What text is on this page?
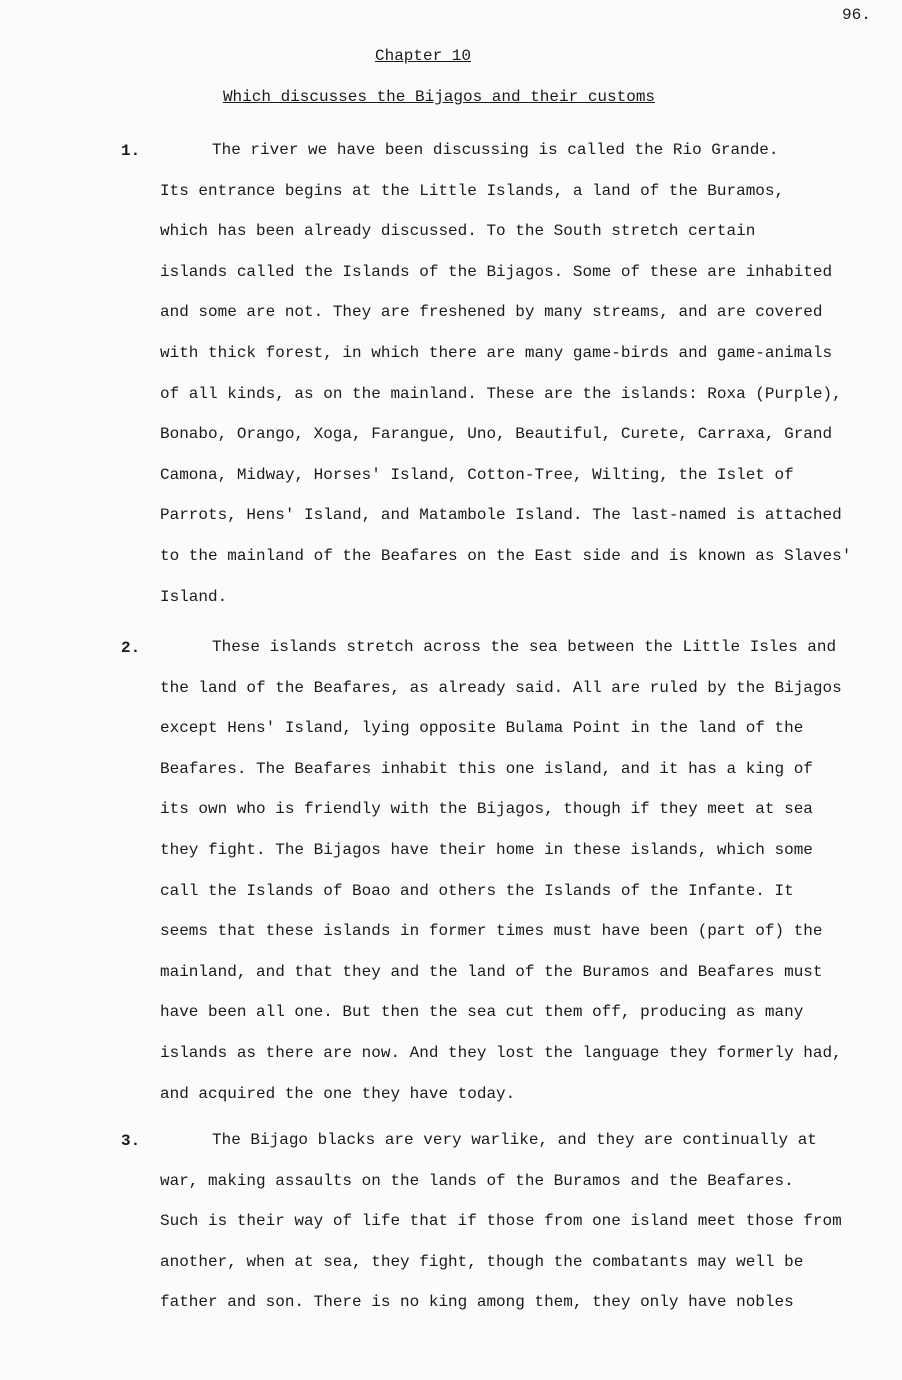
96.
Chapter 10
Which discusses the Bijagos and their customs
1.	The river we have been discussing is called the Rio Grande.
Its entrance begins at the Little Islands, a land of the Buramos,
which has been already discussed. To the South stretch certain
islands called the Islands of the Bijagos. Some of these are inhabited
and some are not. They are freshened by many streams, and are covered
with thick forest, in which there are many game-birds and game-animals
of all kinds, as on the mainland. These are the islands: Roxa (Purple),
Bonabo, Orango, Xoga, Farangue, Uno, Beautiful, Curete, Carraxa, Grand
Camona, Midway, Horses' Island, Cotton-Tree, Wilting, the Islet of
Parrots, Hens' Island, and Matambole Island. The last-named is attached
to the mainland of the Beafares on the East side and is known as Slaves'
Island.
2.	These islands stretch across the sea between the Little Isles and
the land of the Beafares, as already said. All are ruled by the Bijagos
except Hens' Island, lying opposite Bulama Point in the land of the
Beafares. The Beafares inhabit this one island, and it has a king of
its own who is friendly with the Bijagos, though if they meet at sea
they fight. The Bijagos have their home in these islands, which some
call the Islands of Boao and others the Islands of the Infante. It
seems that these islands in former times must have been (part of) the
mainland, and that they and the land of the Buramos and Beafares must
have been all one. But then the sea cut them off, producing as many
islands as there are now. And they lost the language they formerly had,
and acquired the one they have today.
3.	The Bijago blacks are very warlike, and they are continually at
war, making assaults on the lands of the Buramos and the Beafares.
Such is their way of life that if those from one island meet those from
another, when at sea, they fight, though the combatants may well be
father and son. There is no king among them, they only have nobles
